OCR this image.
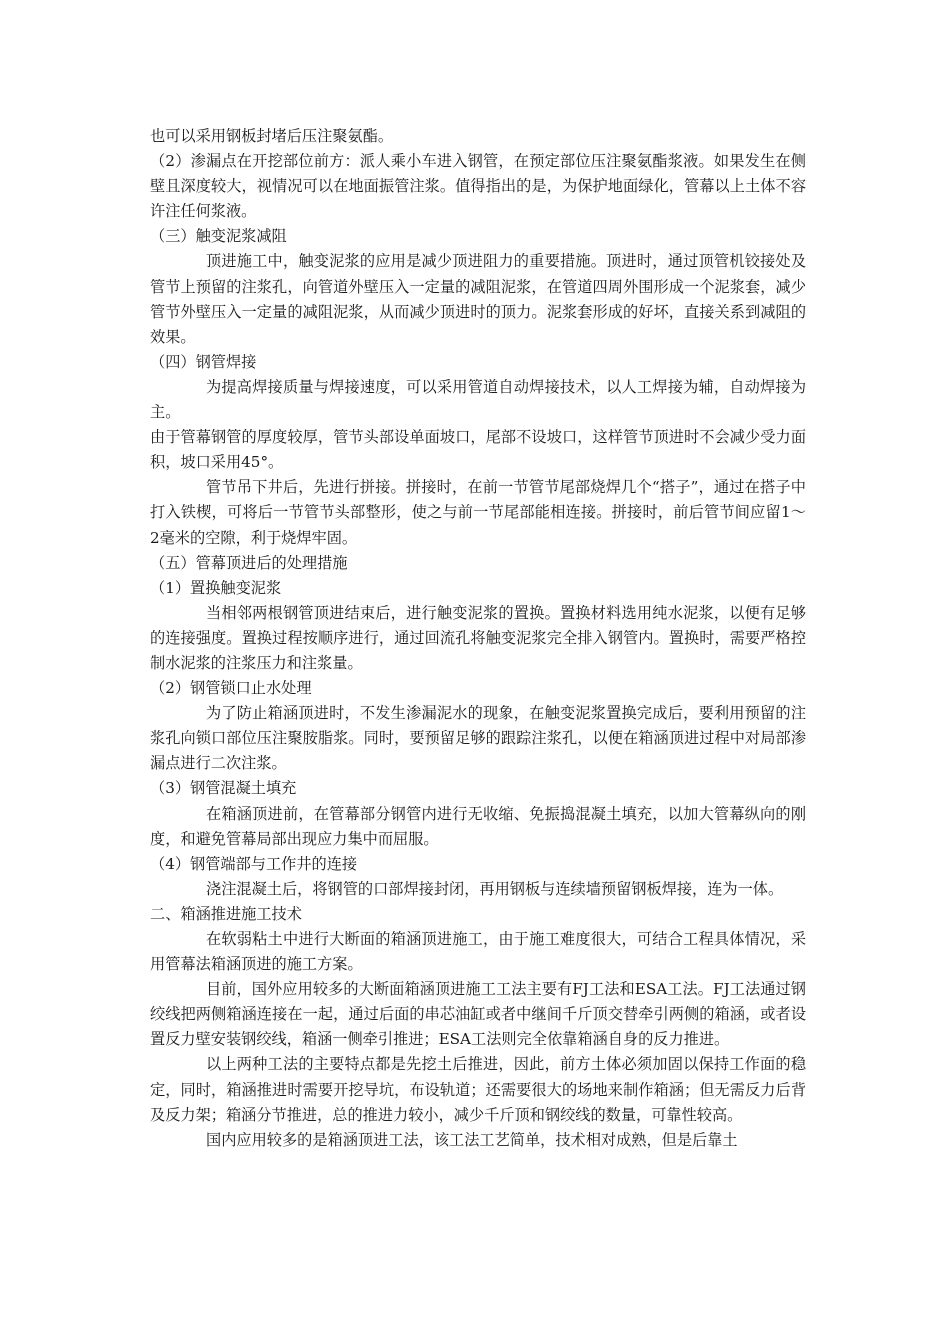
也可以采用钢板封堵后压注聚氨酯。

（2）渗漏点在开挖部位前方：派人乘小车进入钢管，在预定部位压注聚氨酯浆液。如果发生在侧壁且深度较大，视情况可以在地面振管注浆。值得指出的是，为保护地面绿化，管幕以上土体不容许注任何浆液。

（三）触变泥浆减阻

顶进施工中，触变泥浆的应用是减少顶进阻力的重要措施。顶进时，通过顶管机铰接处及管节上预留的注浆孔，向管道外壁压入一定量的减阻泥浆，在管道四周外围形成一个泥浆套，减少管节外壁压入一定量的减阻泥浆，从而减少顶进时的顶力。泥浆套形成的好坏，直接关系到减阻的效果。

（四）钢管焊接

为提高焊接质量与焊接速度，可以采用管道自动焊接技术，以人工焊接为辅，自动焊接为主。

由于管幕钢管的厚度较厚，管节头部设单面坡口，尾部不设坡口，这样管节顶进时不会减少受力面积，坡口采用45°。

管节吊下井后，先进行拼接。拼接时，在前一节管节尾部烧焊几个“搭子”，通过在搭子中打入铁楔，可将后一节管节头部整形，使之与前一节尾部能相连接。拼接时，前后管节间应留1～2毫米的空隙，利于烧焊牢固。

（五）管幕顶进后的处理措施

（1）置换触变泥浆

当相邻两根钢管顶进结束后，进行触变泥浆的置换。置换材料选用纯水泥浆，以便有足够的连接强度。置换过程按顺序进行，通过回流孔将触变泥浆完全排入钢管内。置换时，需要严格控制水泥浆的注浆压力和注浆量。

（2）钢管锁口止水处理

为了防止箱涵顶进时，不发生渗漏泥水的现象，在触变泥浆置换完成后，要利用预留的注浆孔向锁口部位压注聚胺脂浆。同时，要预留足够的跟踪注浆孔，以便在箱涵顶进过程中对局部渗漏点进行二次注浆。

（3）钢管混凝土填充

在箱涵顶进前，在管幕部分钢管内进行无收缩、免振捣混凝土填充，以加大管幕纵向的刚度，和避免管幕局部出现应力集中而屈服。

（4）钢管端部与工作井的连接

浇注混凝土后，将钢管的口部焊接封闭，再用钢板与连续墙预留钢板焊接，连为一体。

二、箱涵推进施工技术

在软弱粘土中进行大断面的箱涵顶进施工，由于施工难度很大，可结合工程具体情况，采用管幕法箱涵顶进的施工方案。

目前，国外应用较多的大断面箱涵顶进施工工法主要有FJ工法和ESA工法。FJ工法通过钢绞线把两侧箱涵连接在一起，通过后面的串芯油缸或者中继间千斤顶交替牵引两侧的箱涵，或者设置反力壁安装钢绞线，箱涵一侧牵引推进；ESA工法则完全依靠箱涵自身的反力推进。

以上两种工法的主要特点都是先挖土后推进，因此，前方土体必须加固以保持工作面的稳定，同时，箱涵推进时需要开挖导坑，布设轨道；还需要很大的场地来制作箱涵；但无需反力后背及反力架；箱涵分节推进，总的推进力较小，减少千斤顶和钢绞线的数量，可靠性较高。

国内应用较多的是箱涵顶进工法，该工法工艺简单，技术相对成熟，但是后靠土
